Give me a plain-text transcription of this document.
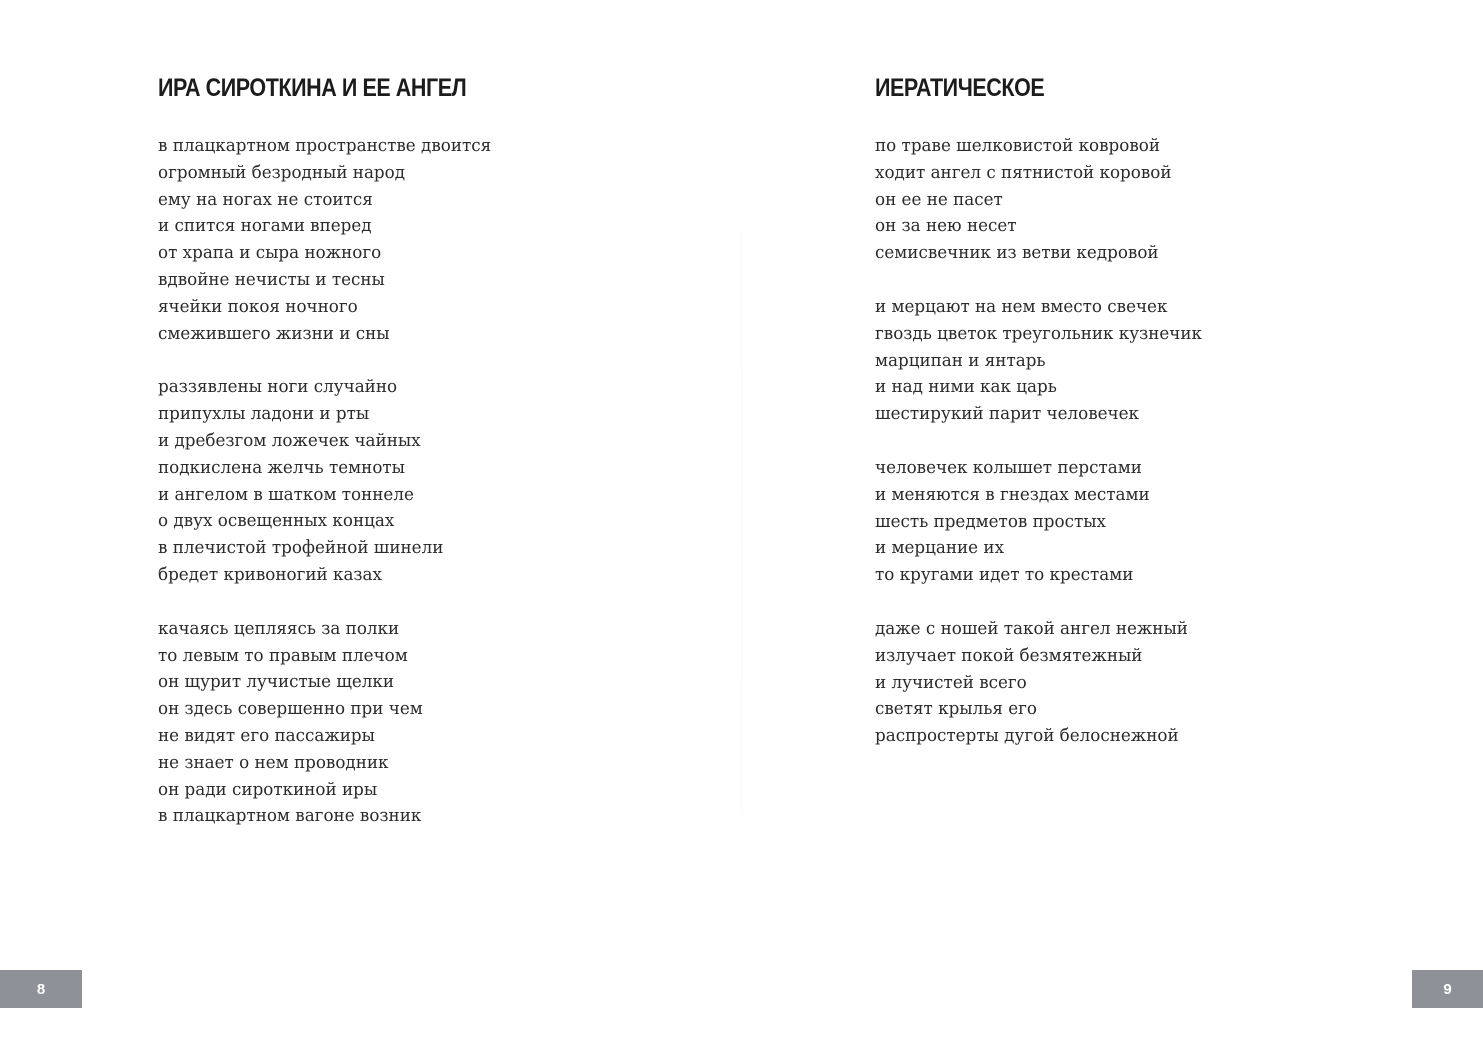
ИРА СИРОТКИНА И ЕЕ АНГЕЛ
в плацкартном пространстве двоится
огромный безродный народ
ему на ногах не стоится
и спится ногами вперед
от храпа и сыра ножного
вдвойне нечисты и тесны
ячейки покоя ночного
смежившего жизни и сны
раззявлены ноги случайно
припухлы ладони и рты
и дребезгом ложечек чайных
подкислена желчь темноты
и ангелом в шатком тоннеле
о двух освещенных концах
в плечистой трофейной шинели
бредет кривоногий казах
качаясь цепляясь за полки
то левым то правым плечом
он щурит лучистые щелки
он здесь совершенно при чем
не видят его пассажиры
не знает о нем проводник
он ради сироткиной иры
в плацкартном вагоне возник
8
ИЕРАТИЧЕСКОЕ
по траве шелковистой ковровой
ходит ангел с пятнистой коровой
он ее не пасет
он за нею несет
семисвечник из ветви кедровой
и мерцают на нем вместо свечек
гвоздь цветок треугольник кузнечик
марципан и янтарь
и над ними как царь
шестирукий парит человечек
человечек колышет перстами
и меняются в гнездах местами
шесть предметов простых
и мерцание их
то кругами идет то крестами
даже с ношей такой ангел нежный
излучает покой безмятежный
и лучистей всего
светят крылья его
распростерты дугой белоснежной
9
